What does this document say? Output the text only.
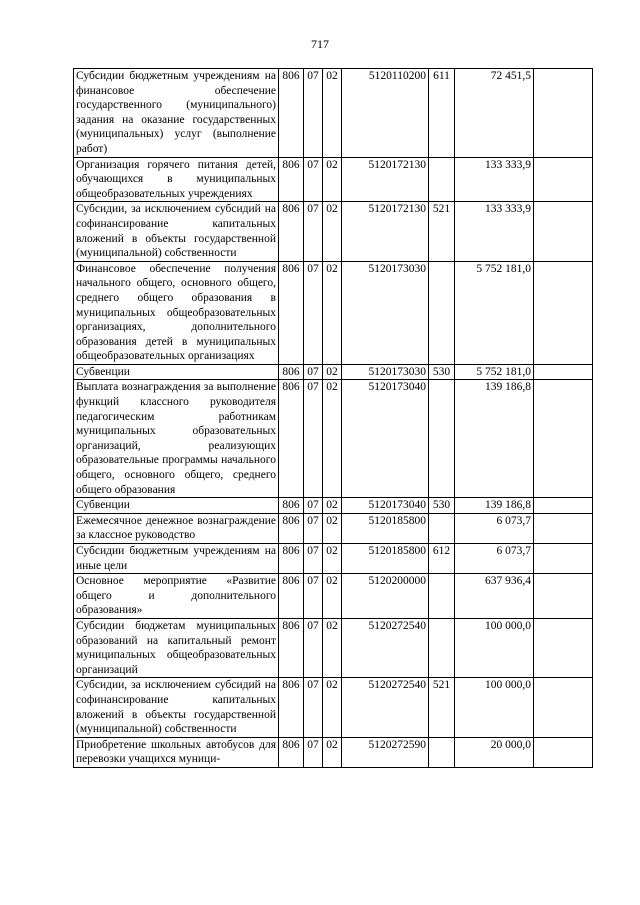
717
Субсидии бюджетным учреждениям на финансовое обеспечение государственного (муниципального) задания на оказание государственных (муниципальных) услуг (выполнение работ)	806	07	02	5120110200	611	72 451,5	
Организация горячего питания детей, обучающихся в муниципальных общеобразовательных учреждениях	806	07	02	5120172130		133 333,9	
Субсидии, за исключением субсидий на софинансирование капитальных вложений в объекты государственной (муниципальной) собственности	806	07	02	5120172130	521	133 333,9	
Финансовое обеспечение получения начального общего, основного общего, среднего общего образования в муниципальных общеобразовательных организациях, дополнительного образования детей в муниципальных общеобразовательных организациях	806	07	02	5120173030		5 752 181,0	
Субвенции	806	07	02	5120173030	530	5 752 181,0	
Выплата вознаграждения за выполнение функций классного руководителя педагогическим работникам муниципальных образовательных организаций, реализующих образовательные программы начального общего, основного общего, среднего общего образования	806	07	02	5120173040		139 186,8	
Субвенции	806	07	02	5120173040	530	139 186,8	
Ежемесячное денежное вознаграждение за классное руководство	806	07	02	5120185800		6 073,7	
Субсидии бюджетным учреждениям на иные цели	806	07	02	5120185800	612	6 073,7	
Основное мероприятие «Развитие общего и дополнительного образования»	806	07	02	5120200000		637 936,4	
Субсидии бюджетам муниципальных образований на капитальный ремонт муниципальных общеобразовательных организаций	806	07	02	5120272540		100 000,0	
Субсидии, за исключением субсидий на софинансирование капитальных вложений в объекты государственной (муниципальной) собственности	806	07	02	5120272540	521	100 000,0	
Приобретение школьных автобусов для перевозки учащихся муници-	806	07	02	5120272590		20 000,0	
